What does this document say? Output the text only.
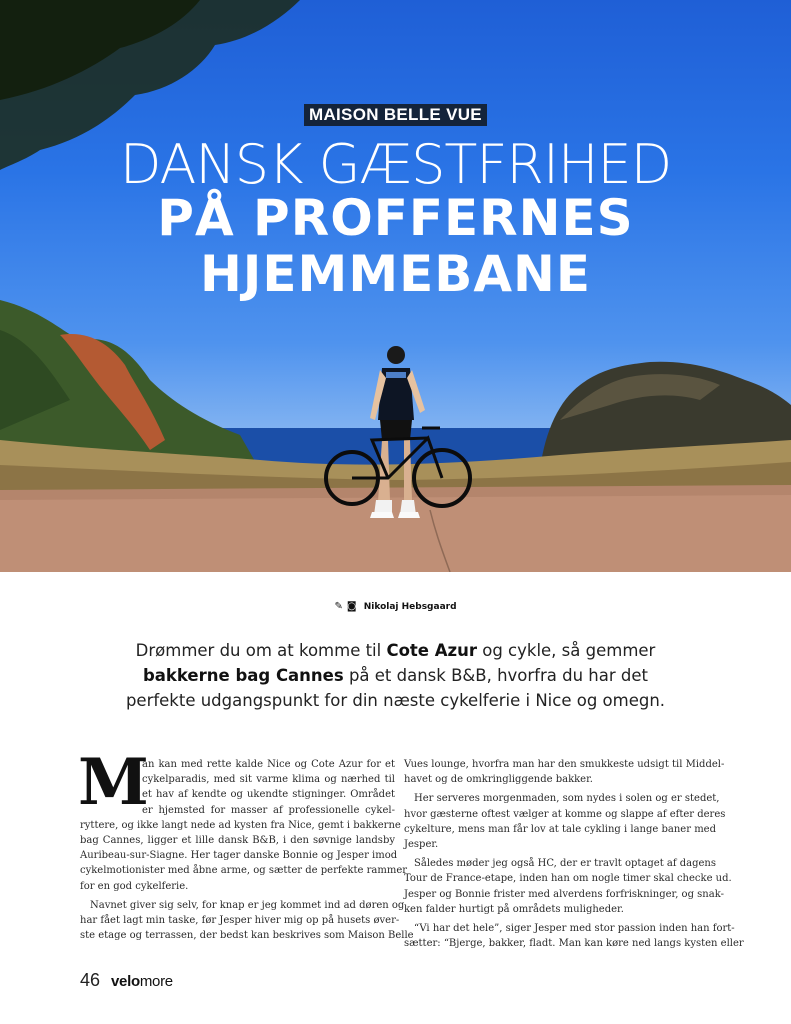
MAISON BELLE VUE
DANSK GÆSTFRIHED
PÅ PROFFERNES
HJEMMEBANE
✎ ◙ Nikolaj Hebsgaard
Drømmer du om at komme til Cote Azur og cykle, så gemmer
bakkerne bag Cannes på et dansk B&B, hvorfra du har det
perfekte udgangspunkt for din næste cykelferie i Nice og omegn.
M
an kan med rette kalde Nice og Cote Azur for et
cykelparadis, med sit varme klima og nærhed til
et hav af kendte og ukendte stigninger. Området
er hjemsted for masser af professionelle cykel-
ryttere, og ikke langt nede ad kysten fra Nice, gemt i bakkerne
bag Cannes, ligger et lille dansk B&B, i den søvnige landsby
Auribeau-sur-Siagne. Her tager danske Bonnie og Jesper imod
cykelmotionister med åbne arme, og sætter de perfekte rammer
for en god cykelferie.
Navnet giver sig selv, for knap er jeg kommet ind ad døren og
har fået lagt min taske, før Jesper hiver mig op på husets øver-
ste etage og terrassen, der bedst kan beskrives som Maison Belle
Vues lounge, hvorfra man har den smukkeste udsigt til Middel-
havet og de omkringliggende bakker.
Her serveres morgenmaden, som nydes i solen og er stedet,
hvor gæsterne oftest vælger at komme og slappe af efter deres
cykelture, mens man får lov at tale cykling i lange baner med
Jesper.
Således møder jeg også HC, der er travlt optaget af dagens
Tour de France-etape, inden han om nogle timer skal checke ud.
Jesper og Bonnie frister med alverdens forfriskninger, og snak-
ken falder hurtigt på områdets muligheder.
“Vi har det hele”, siger Jesper med stor passion inden han fort-
sætter: “Bjerge, bakker, fladt. Man kan køre ned langs kysten eller
46 velomore
